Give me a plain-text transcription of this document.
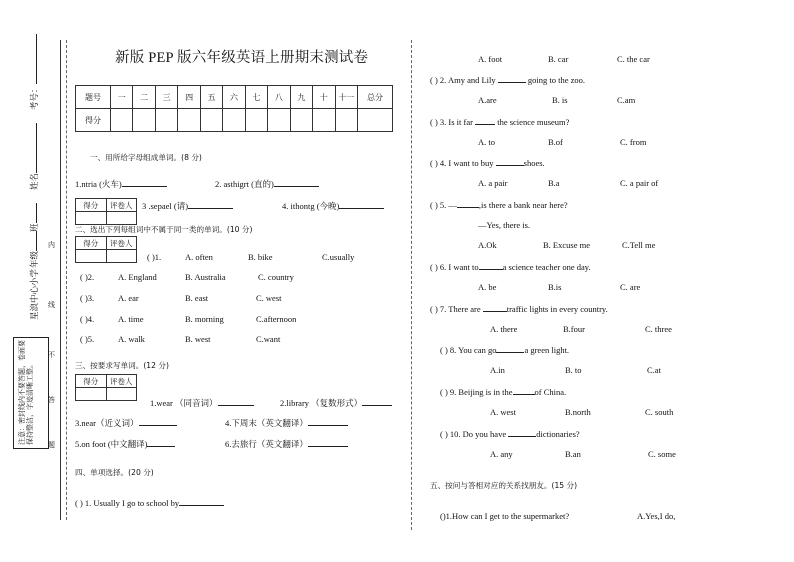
考号：
姓名
班
年级
星浪中心小学
注意：密封线内不要答题，卷面要保持整洁，字迹清晰工整。
内
线
不
答
题
新版 PEP 版六年级英语上册期末测试卷
题号	一	二	三	四	五	六	七	八	九	十	十一	总分
得分												
一、用所给字母组成单词。(8 分)
1.ntria (火车)	2. asthigrt (直的)
得分	评卷人
	3 .sepael (请)	4. ithontg (今晚)
二、选出下列每组词中不属于同一类的单词。(10 分)
得分	评卷人

( )1.	A. often	B. bike	C.usually
( )2.	A. England	B. Australia	C. country
( )3.	A. ear	B. east	C. west
( )4.	A. time	B. morning	C.afternoon
( )5.	A. walk	B. west	C.want
三、按要求写单词。(12 分)
得分	评卷人

1.wear （同音词）	2.library （复数形式）
3.near（近义词）	4.下周末（英文翻译）
5.on foot (中文翻译)	6.去旅行（英文翻译）
四、单项选择。(20 分)
( ) 1. Usually I go to school by
A. foot	B. car	C. the car
( ) 2. Amy and Lily	going to the zoo.
A.are	B. is	C.am
( ) 3. Is it far	the science museum?
A. to	B.of	C. from
( ) 4. I want to buy	shoes.
A. a pair	B.a	C. a pair of
( ) 5. —	,is there a bank near here?
—Yes, there is.
A.Ok	B. Excuse me	C.Tell me
( ) 6. I want to	a science teacher one day.
A. be	B.is	C. are
( ) 7. There are	traffic lights in every country.
A. there	B.four	C. three
( ) 8. You can go	a green light.
A.in	B. to	C.at
( ) 9. Beijing is in the	of China.
A. west	B.north	C. south
( ) 10. Do you have	dictionaries?
A. any	B.an	C. some
五、按问与答相对应的关系找朋友。(15 分)
()1.How can I get to the supermarket?	A.Yes,I do,
